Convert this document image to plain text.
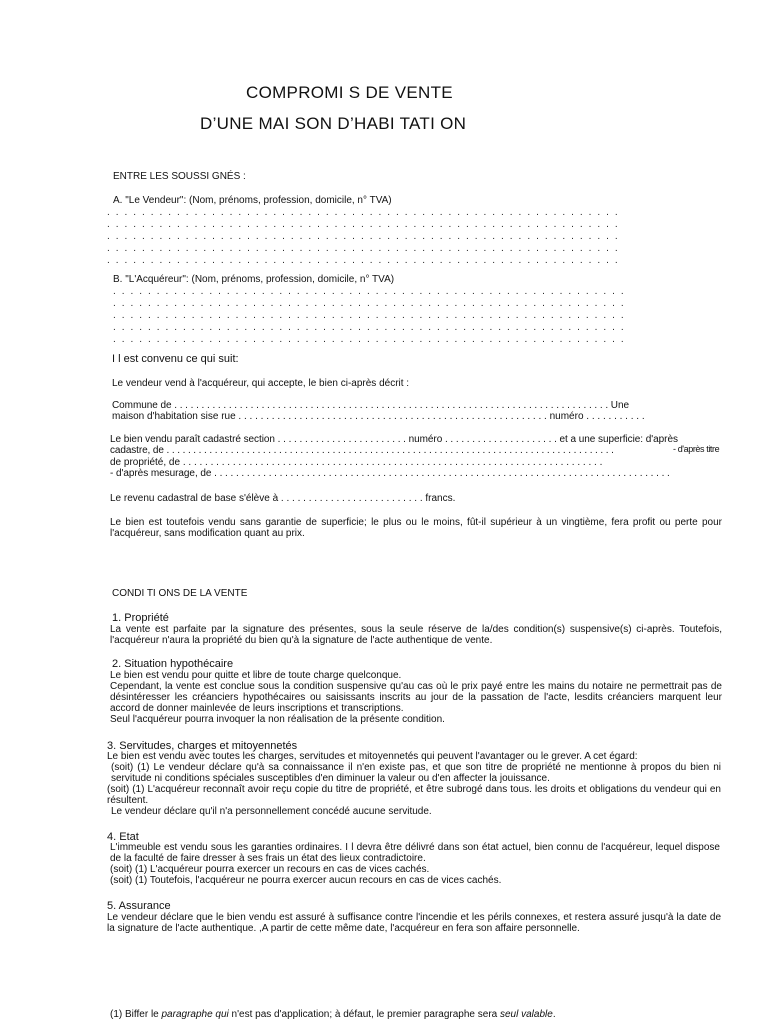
COMPROMI S DE VENTE
D’UNE MAI SON D’HABI TATI ON
ENTRE LES SOUSSI GNÉS :
A. "Le Vendeur": (Nom, prénoms, profession, domicile, n° TVA)
. . . . . . . . . . . . . . . . . . . . . . . . . . . . . . . . . . . . . . . . . . . . . . . . . . . . . . . . . . .
. . . . . . . . . . . . . . . . . . . . . . . . . . . . . . . . . . . . . . . . . . . . . . . . . . . . . . . . . . .
. . . . . . . . . . . . . . . . . . . . . . . . . . . . . . . . . . . . . . . . . . . . . . . . . . . . . . . . . . .
. . . . . . . . . . . . . . . . . . . . . . . . . . . . . . . . . . . . . . . . . . . . . . . . . . . . . . . . . . .
. . . . . . . . . . . . . . . . . . . . . . . . . . . . . . . . . . . . . . . . . . . . . . . . . . . . . . . . . . .
B. "L'Acquéreur": (Nom, prénoms, profession, domicile, n° TVA)
. . . . . . . . . . . . . . . . . . . . . . . . . . . . . . . . . . . . . . . . . . . . . . . . . . . . . . . . . . .
. . . . . . . . . . . . . . . . . . . . . . . . . . . . . . . . . . . . . . . . . . . . . . . . . . . . . . . . . . .
. . . . . . . . . . . . . . . . . . . . . . . . . . . . . . . . . . . . . . . . . . . . . . . . . . . . . . . . . . .
. . . . . . . . . . . . . . . . . . . . . . . . . . . . . . . . . . . . . . . . . . . . . . . . . . . . . . . . . . .
. . . . . . . . . . . . . . . . . . . . . . . . . . . . . . . . . . . . . . . . . . . . . . . . . . . . . . . . . . .
I l est convenu ce qui suit:
Le vendeur vend à l'acquéreur, qui accepte, le bien ci-après décrit :
Commune de . . . . . . . . . . . . . . . . . . . . . . . . . . . . . . . . . . . . . . . . . . . . . . . . . . . . . . . . . . . . . . . . . . . . . . . . . . . . . . . . Une
maison d'habitation sise rue . . . . . . . . . . . . . . . . . . . . . . . . . . . . . . . . . . . . . . . . . . . . . . . . . . . . . . . . numéro . . . . . . . . . . .
Le bien vendu paraît cadastré section . . . . . . . . . . . . . . . . . . . . . . . . numéro . . . . . . . . . . . . . . . . . . . . . et a une superficie: d'après
cadastre, de . . . . . . . . . . . . . . . . . . . . . . . . . . . . . . . . . . . . . . . . . . . . . . . . . . . . . . . . . . . . . . . . . . . . . . . . . . . . . . . . . . . .	- d'après titre
de propriété, de . . . . . . . . . . . . . . . . . . . . . . . . . . . . . . . . . . . . . . . . . . . . . . . . . . . . . . . . . . . . . . . . . . . . . . . . . . . .
- d'après mesurage, de . . . . . . . . . . . . . . . . . . . . . . . . . . . . . . . . . . . . . . . . . . . . . . . . . . . . . . . . . . . . . . . . . . . . . . . . . . . . . . . . . . . .
Le revenu cadastral de base s'élève à . . . . . . . . . . . . . . . . . . . . . . . . . . francs.
Le bien est toutefois vendu sans garantie de superficie; le plus ou le moins, fût-il supérieur à un vingtième, fera profit ou perte pour l'acquéreur, sans modification quant au prix.
CONDI TI ONS DE LA VENTE
1. Propriété
La vente est parfaite par la signature des présentes, sous la seule réserve de la/des condition(s) suspensive(s) ci-après. Toutefois, l'acquéreur n'aura la propriété du bien qu'à la signature de l'acte authentique de vente.
2. Situation hypothécaire

Le bien est vendu pour quitte et libre de toute charge quelconque.

Cependant, la vente est conclue sous la condition suspensive qu'au cas où le prix payé entre les mains du notaire ne permettrait pas de désintéresser les créanciers hypothécaires ou saisissants inscrits au jour de la passation de l'acte, lesdits créanciers marquent leur accord de donner mainlevée de leurs inscriptions et transcriptions.

Seul l'acquéreur pourra invoquer la non réalisation de la présente condition.

3. Servitudes, charges et mitoyennetés

Le bien est vendu avec toutes les charges, servitudes et mitoyennetés qui peuvent l'avantager ou le grever. A cet égard:

(soit) (1) Le vendeur déclare qu'à sa connaissance il n'en existe pas, et que son titre de propriété ne mentionne à propos du bien ni servitude ni conditions spéciales susceptibles d'en diminuer la valeur ou d'en affecter la jouissance.

(soit) (1) L'acquéreur reconnaît avoir reçu copie du titre de propriété, et être subrogé dans tous. les droits et obligations du vendeur qui en résultent.

Le vendeur déclare qu'il n'a personnellement concédé aucune servitude.

4. Etat

L'immeuble est vendu sous les garanties ordinaires. I l devra être délivré dans son état actuel, bien connu de l'acquéreur, lequel dispose de la faculté de faire dresser à ses frais un état des lieux contradictoire.

(soit) (1) L'acquéreur pourra exercer un recours en cas de vices cachés.

(soit) (1) Toutefois, l'acquéreur ne pourra exercer aucun recours en cas de vices cachés.

5. Assurance
Le vendeur déclare que le bien vendu est assuré à suffisance contre l'incendie et les périls connexes, et restera assuré jusqu'à la date de la signature de l'acte authentique. ,A partir de cette même date, l'acquéreur en fera son affaire personnelle.
(1) Biffer le paragraphe qui n'est pas d'application; à défaut, le premier paragraphe sera seul valable.
